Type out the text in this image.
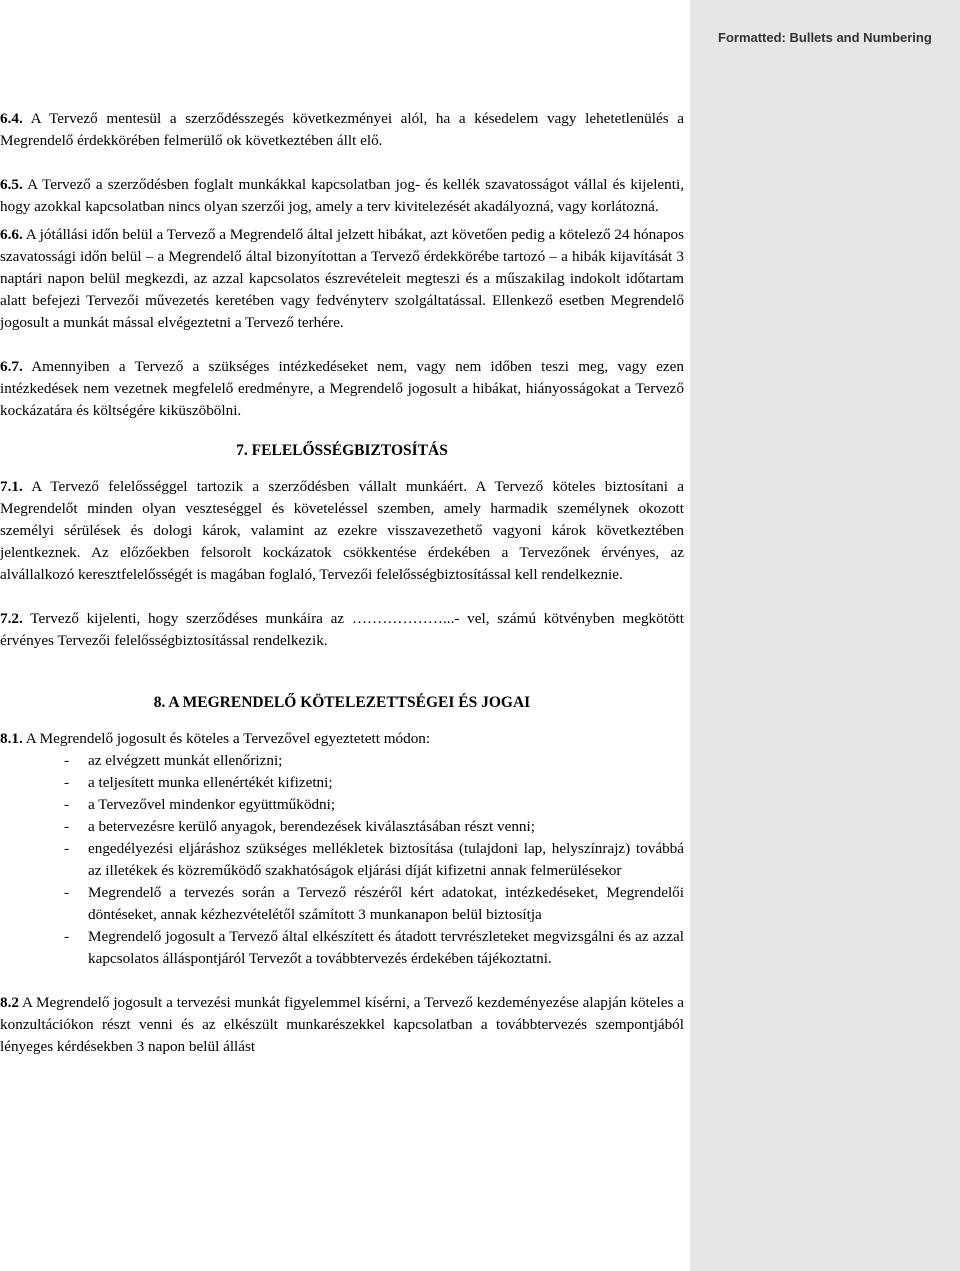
Formatted: Bullets and Numbering

6.4. A Tervező mentesül a szerződésszegés következményei alól, ha a késedelem vagy lehetetlenülés a Megrendelő érdekkörében felmerülő ok következtében állt elő.

6.5. A Tervező a szerződésben foglalt munkákkal kapcsolatban jog- és kellék szavatosságot vállal és kijelenti, hogy azokkal kapcsolatban nincs olyan szerzői jog, amely a terv kivitelezését akadályozná, vagy korlátozná.

6.6. A jótállási időn belül a Tervező a Megrendelő által jelzett hibákat, azt követően pedig a kötelező 24 hónapos szavatossági időn belül – a Megrendelő által bizonyítottan a Tervező érdekkörébe tartozó – a hibák kijavítását 3 naptári napon belül megkezdi, az azzal kapcsolatos észrevételeit megteszi és a műszakilag indokolt időtartam alatt befejezi Tervezői művezetés keretében vagy fedvényterv szolgáltatással. Ellenkező esetben Megrendelő jogosult a munkát mással elvégeztetni a Tervező terhére.

6.7. Amennyiben a Tervező a szükséges intézkedéseket nem, vagy nem időben teszi meg, vagy ezen intézkedések nem vezetnek megfelelő eredményre, a Megrendelő jogosult a hibákat, hiányosságokat a Tervező kockázatára és költségére kiküszöbölni.

7. FELELŐSSÉGBIZTOSÍTÁS

7.1. A Tervező felelősséggel tartozik a szerződésben vállalt munkáért. A Tervező köteles biztosítani a Megrendelőt minden olyan veszteséggel és követeléssel szemben, amely harmadik személynek okozott személyi sérülések és dologi károk, valamint az ezekre visszavezethető vagyoni károk következtében jelentkeznek. Az előzőekben felsorolt kockázatok csökkentése érdekében a Tervezőnek érvényes, az alvállalkozó keresztfelelősségét is magában foglaló, Tervezői felelősségbiztosítással kell rendelkeznie.

7.2. Tervező kijelenti, hogy szerződéses munkáira az ………………...- vel, számú kötvényben megkötött érvényes Tervezői felelősségbiztosítással rendelkezik.

8. A MEGRENDELŐ KÖTELEZETTSÉGEI ÉS JOGAI

8.1. A Megrendelő jogosult és köteles a Tervezővel egyeztetett módon:

- az elvégzett munkát ellenőrizni;
- a teljesített munka ellenértékét kifizetni;
- a Tervezővel mindenkor együttműködni;
- a betervezésre kerülő anyagok, berendezések kiválasztásában részt venni;
- engedélyezési eljáráshoz szükséges mellékletek biztosítása (tulajdoni lap, helyszínrajz) továbbá az illetékek és közreműködő szakhatóságok eljárási díját kifizetni annak felmerülésekor
- Megrendelő a tervezés során a Tervező részéről kért adatokat, intézkedéseket, Megrendelői döntéseket, annak kézhezvételétől számított 3 munkanapon belül biztosítja
- Megrendelő jogosult a Tervező által elkészített és átadott tervrészleteket megvizsgálni és az azzal kapcsolatos álláspontjáról Tervezőt a továbbtervezés érdekében tájékoztatni.

8.2 A Megrendelő jogosult a tervezési munkát figyelemmel kísérni, a Tervező kezdeményezése alapján köteles a konzultációkon részt venni és az elkészült munkarészekkel kapcsolatban a továbbtervezés szempontjából lényeges kérdésekben 3 napon belül állást
